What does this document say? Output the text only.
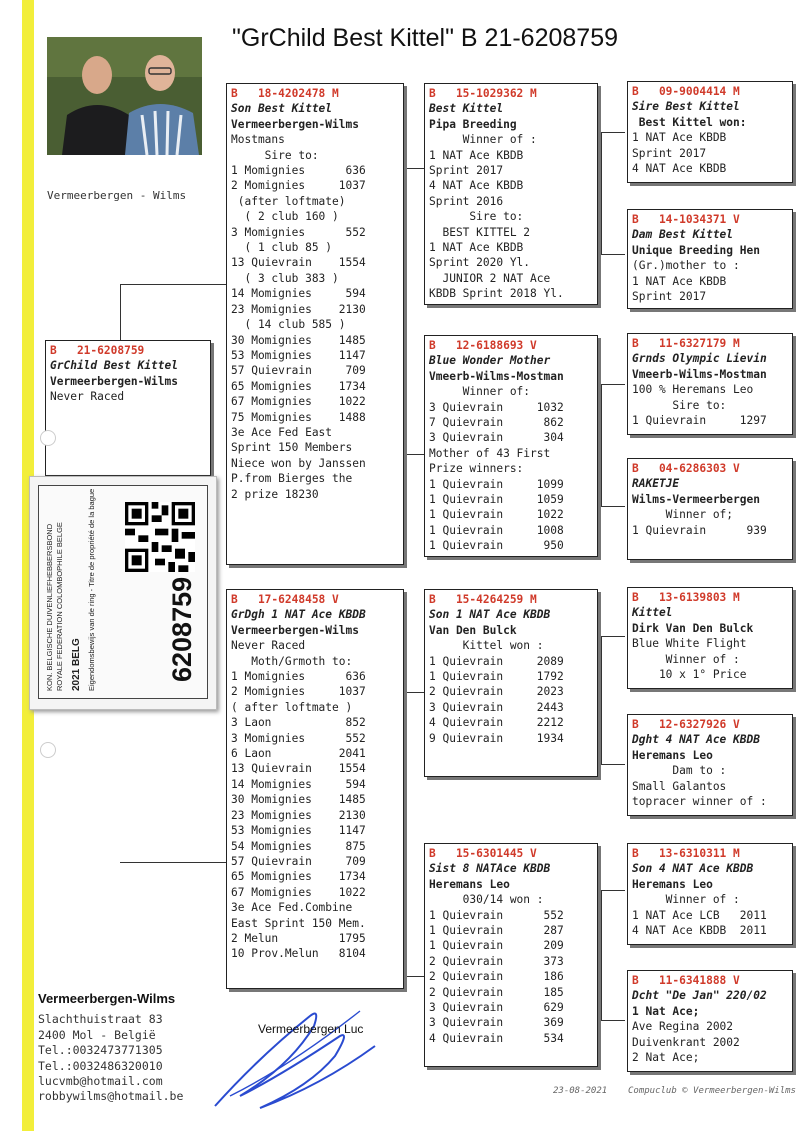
"GrChild Best Kittel" B 21-6208759
Vermeerbergen - Wilms
B   21-6208759
GrChild Best Kittel
Vermeerbergen-Wilms
Never Raced
B   18-4202478 M
Son Best Kittel
Vermeerbergen-Wilms
Mostmans
Sire to:
1 Momignies      636
2 Momignies     1037
(after loftmate)
( 2 club 160 )
3 Momignies      552
( 1 club 85 )
13 Quievrain    1554
( 3 club 383 )
14 Momignies     594
23 Momignies    2130
( 14 club 585 )
30 Momignies    1485
53 Momignies    1147
57 Quievrain     709
65 Momignies    1734
67 Momignies    1022
75 Momignies    1488
3e Ace Fed East
Sprint 150 Members
Niece won by Janssen
P.from Bierges the
2 prize 18230
B   17-6248458 V
GrDgh 1 NAT Ace KBDB
Vermeerbergen-Wilms
Never Raced
Moth/Grmoth to:
1 Momignies      636
2 Momignies     1037
( after loftmate )
3 Laon           852
3 Momignies      552
6 Laon          2041
13 Quievrain    1554
14 Momignies     594
30 Momignies    1485
23 Momignies    2130
53 Momignies    1147
54 Momignies     875
57 Quievrain     709
65 Momignies    1734
67 Momignies    1022
3e Ace Fed.Combine
East Sprint 150 Mem.
2 Melun         1795
10 Prov.Melun   8104
B   15-1029362 M
Best Kittel
Pipa Breeding
Winner of :
1 NAT Ace KBDB
Sprint 2017
4 NAT Ace KBDB
Sprint 2016
Sire to:
BEST KITTEL 2
1 NAT Ace KBDB
Sprint 2020 Yl.
JUNIOR 2 NAT Ace
KBDB Sprint 2018 Yl.
B   12-6188693 V
Blue Wonder Mother
Vmeerb-Wilms-Mostman
Winner of:
3 Quievrain     1032
7 Quievrain      862
3 Quievrain      304
Mother of 43 First
Prize winners:
1 Quievrain     1099
1 Quievrain     1059
1 Quievrain     1022
1 Quievrain     1008
1 Quievrain      950
B   15-4264259 M
Son 1 NAT Ace KBDB
Van Den Bulck
Kittel won :
1 Quievrain     2089
1 Quievrain     1792
2 Quievrain     2023
3 Quievrain     2443
4 Quievrain     2212
9 Quievrain     1934
B   15-6301445 V
Sist 8 NATAce KBDB
Heremans Leo
030/14 won :
1 Quievrain      552
1 Quievrain      287
1 Quievrain      209
2 Quievrain      373
2 Quievrain      186
2 Quievrain      185
3 Quievrain      629
3 Quievrain      369
4 Quievrain      534
B   09-9004414 M
Sire Best Kittel
Best Kittel won:
1 NAT Ace KBDB
Sprint 2017
4 NAT Ace KBDB
B   14-1034371 V
Dam Best Kittel
Unique Breeding Hen
(Gr.)mother to :
1 NAT Ace KBDB
Sprint 2017
B   11-6327179 M
Grnds Olympic Lievin
Vmeerb-Wilms-Mostman
100 % Heremans Leo
Sire to:
1 Quievrain     1297
B   04-6286303 V
RAKETJE
Wilms-Vermeerbergen
Winner of;
1 Quievrain      939
B   13-6139803 M
Kittel
Dirk Van Den Bulck
Blue White Flight
Winner of :
10 x 1° Price
B   12-6327926 V
Dght 4 NAT Ace KBDB
Heremans Leo
Dam to :
Small Galantos
topracer winner of :
B   13-6310311 M
Son 4 NAT Ace KBDB
Heremans Leo
Winner of :
1 NAT Ace LCB   2011
4 NAT Ace KBDB  2011
B   11-6341888 V
Dcht "De Jan" 220/02
1 Nat Ace;
Ave Regina 2002
Duivenkrant 2002
2 Nat Ace;
KON. BELGISCHE DUIVENLIEFHEBBERSBOND ROYALE FEDERATION COLOMBOPHILE BELGE 2021 BELG Eigendomsbewijs van de ring - Titre de propriété de la bague	6208759
Vermeerbergen-Wilms
Slachthuistraat 83
2400 Mol - België
Tel.:0032473771305
Tel.:0032486320010
lucvmb@hotmail.com
robbywilms@hotmail.be
Vermeerbergen Luc
23-08-2021 Compuclub © Vermeerbergen-Wilms
